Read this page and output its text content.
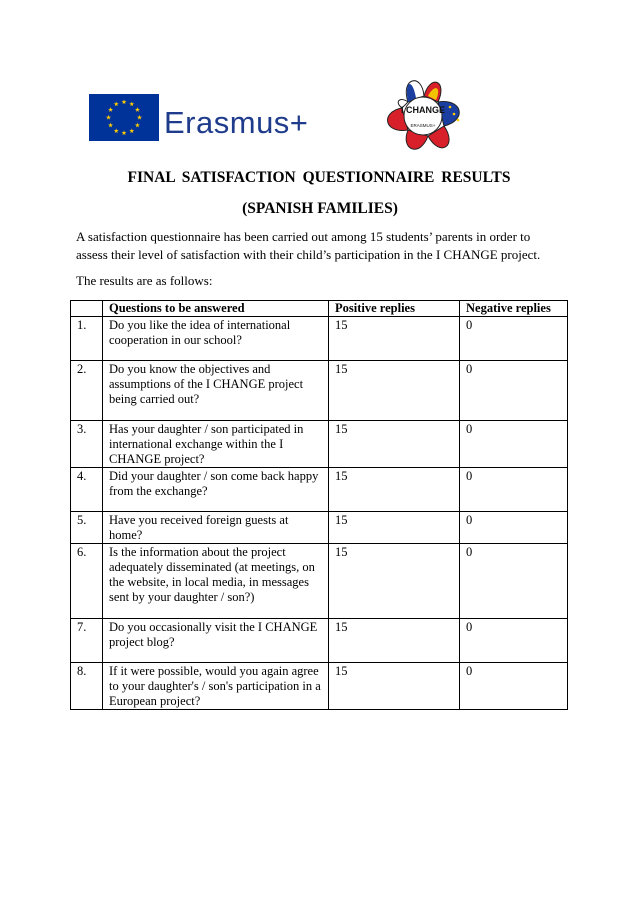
Erasmus+	I CHANGE
ERASMUS+
FINAL SATISFACTION QUESTIONNAIRE RESULTS
(SPANISH FAMILIES)
A satisfaction questionnaire has been carried out among 15 students’ parents in order to assess their level of satisfaction with their child’s participation in the I CHANGE project.
The results are as follows:
	Questions to be answered	Positive replies	Negative replies
1.	Do you like the idea of international cooperation in our school?	15	0
2.	Do you know the objectives and assumptions of the I CHANGE project being carried out?	15	0
3.	Has your daughter / son participated in international exchange within the I CHANGE project?	15	0
4.	Did your daughter / son come back happy from the exchange?	15	0
5.	Have you received foreign guests at home?	15	0
6.	Is the information about the project adequately disseminated (at meetings, on the website, in local media, in messages sent by your daughter / son?)	15	0
7.	Do you occasionally visit the I CHANGE project blog?	15	0
8.	If it were possible, would you again agree to your daughter's / son's participation in a European project?	15	0
